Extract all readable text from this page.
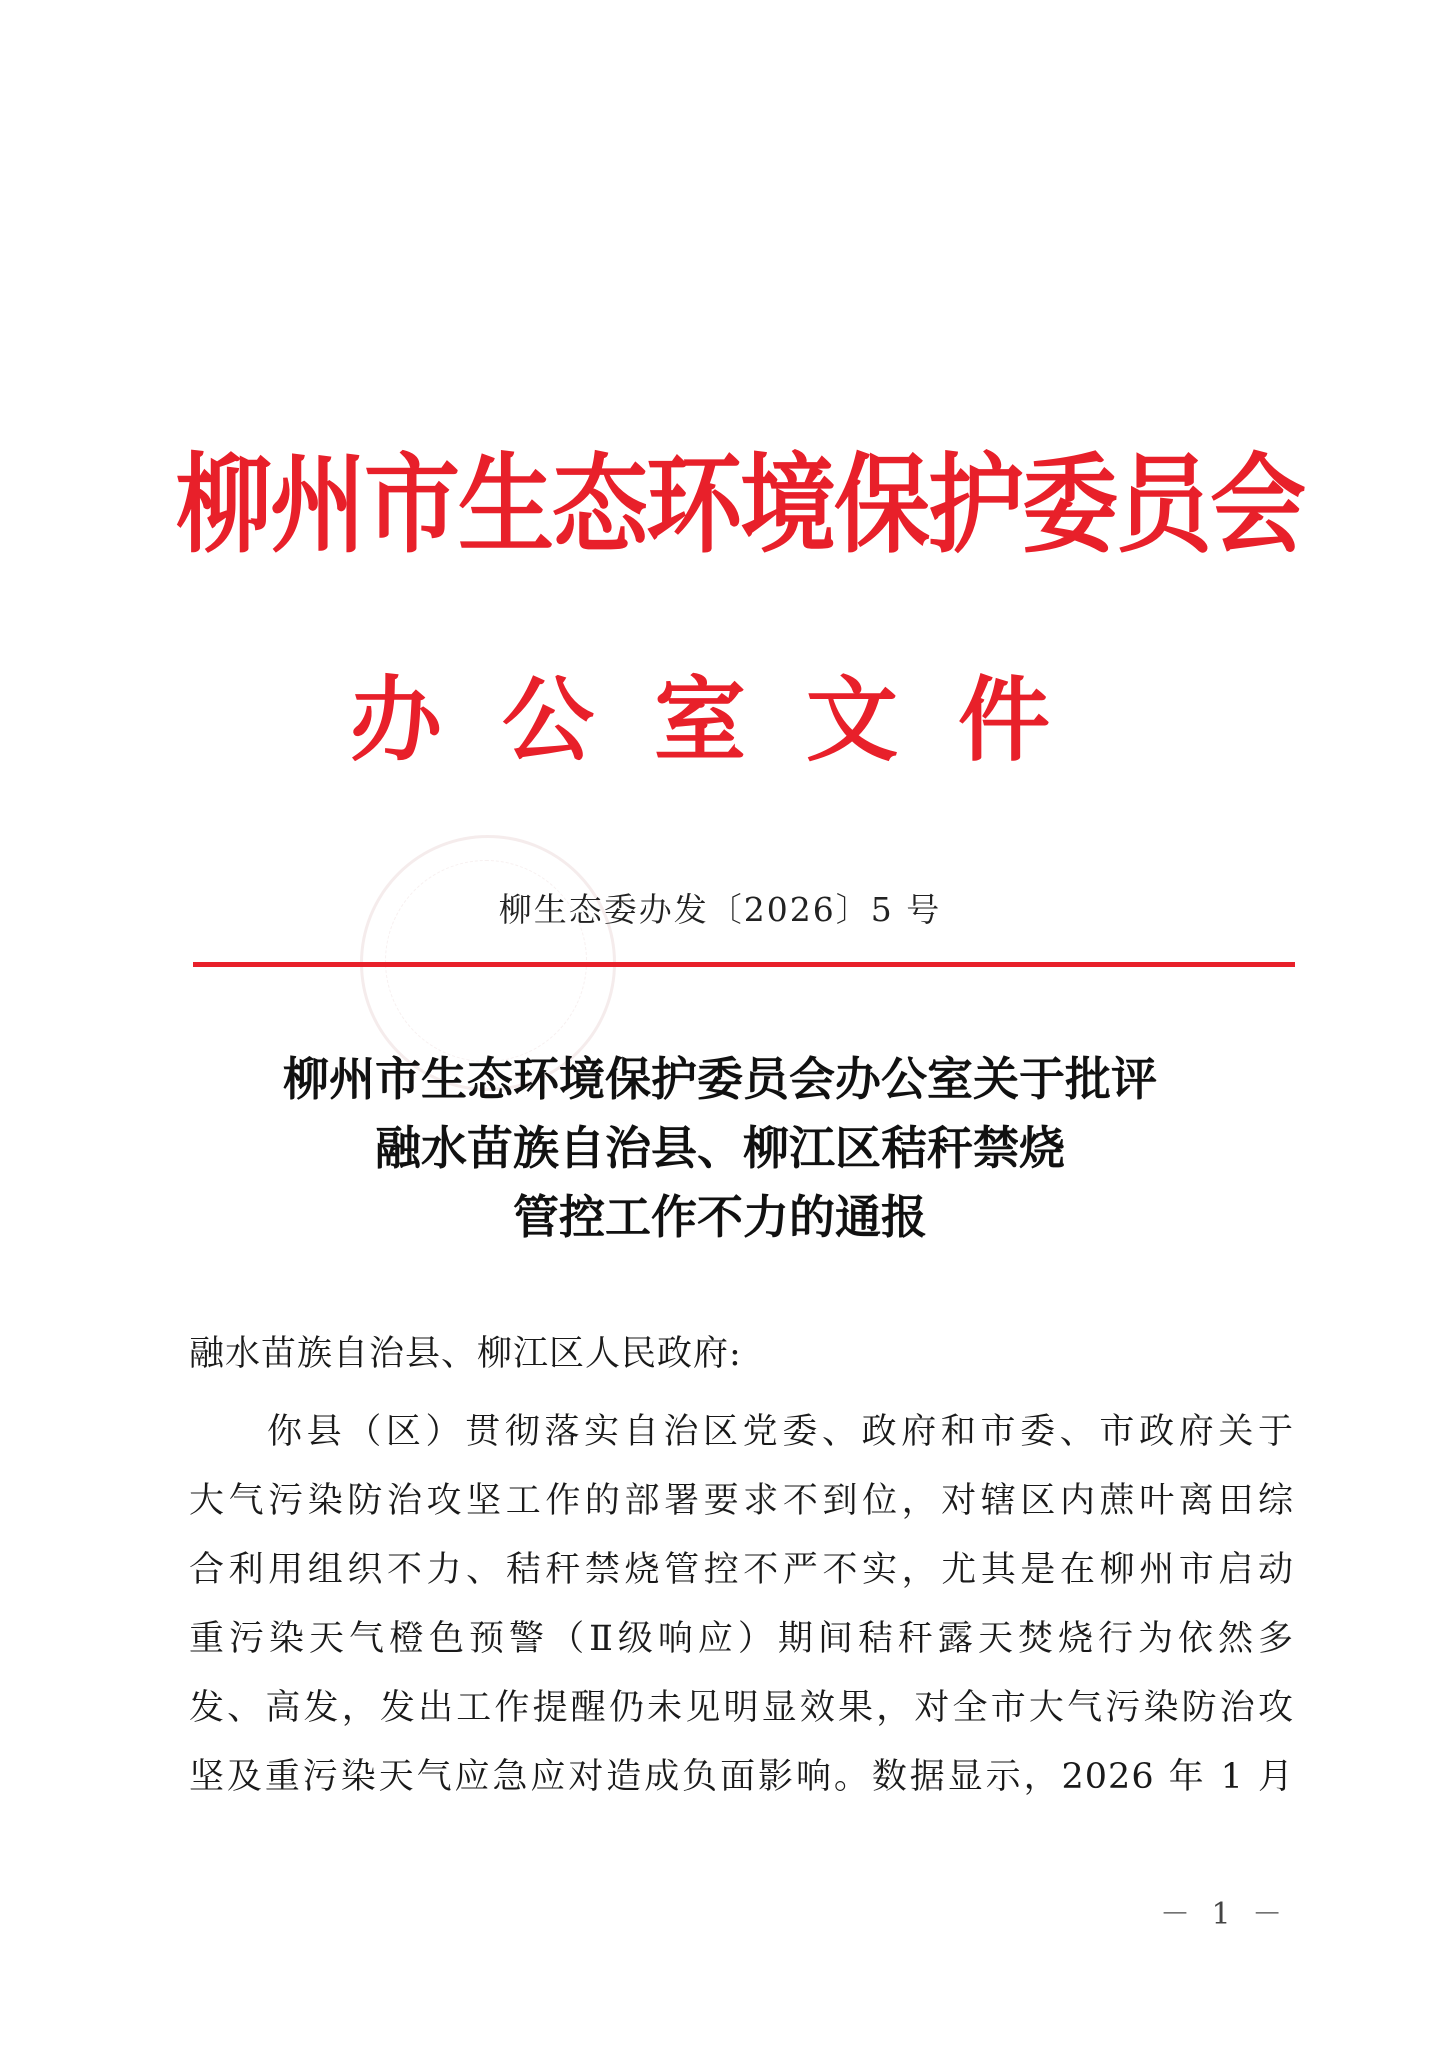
柳州市生态环境保护委员会
办公室文件
柳生态委办发〔2026〕5 号
柳州市生态环境保护委员会办公室关于批评
融水苗族自治县、柳江区秸秆禁烧
管控工作不力的通报
融水苗族自治县、柳江区人民政府:
你县（区）贯彻落实自治区党委、政府和市委、市政府关于
大气污染防治攻坚工作的部署要求不到位，对辖区内蔗叶离田综
合利用组织不力、秸秆禁烧管控不严不实，尤其是在柳州市启动
重污染天气橙色预警（Ⅱ级响应）期间秸秆露天焚烧行为依然多
发、高发，发出工作提醒仍未见明显效果，对全市大气污染防治攻
坚及重污染天气应急应对造成负面影响。数据显示，2026 年 1 月
－ 1 －
